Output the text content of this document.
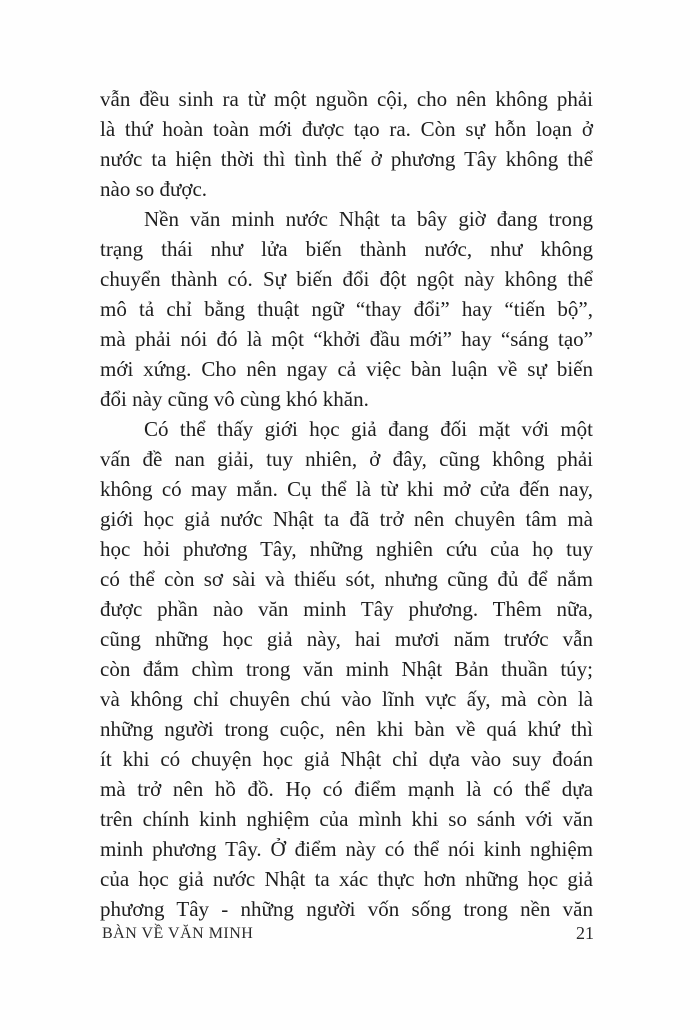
vẫn đều sinh ra từ một nguồn cội, cho nên không phải
là thứ hoàn toàn mới được tạo ra. Còn sự hỗn loạn ở
nước ta hiện thời thì tình thế ở phương Tây không thể
nào so được.
Nền văn minh nước Nhật ta bây giờ đang trong
trạng thái như lửa biến thành nước, như không
chuyển thành có. Sự biến đổi đột ngột này không thể
mô tả chỉ bằng thuật ngữ “thay đổi” hay “tiến bộ”,
mà phải nói đó là một “khởi đầu mới” hay “sáng tạo”
mới xứng. Cho nên ngay cả việc bàn luận về sự biến
đổi này cũng vô cùng khó khăn.
Có thể thấy giới học giả đang đối mặt với một
vấn đề nan giải, tuy nhiên, ở đây, cũng không phải
không có may mắn. Cụ thể là từ khi mở cửa đến nay,
giới học giả nước Nhật ta đã trở nên chuyên tâm mà
học hỏi phương Tây, những nghiên cứu của họ tuy
có thể còn sơ sài và thiếu sót, nhưng cũng đủ để nắm
được phần nào văn minh Tây phương. Thêm nữa,
cũng những học giả này, hai mươi năm trước vẫn
còn đắm chìm trong văn minh Nhật Bản thuần túy;
và không chỉ chuyên chú vào lĩnh vực ấy, mà còn là
những người trong cuộc, nên khi bàn về quá khứ thì
ít khi có chuyện học giả Nhật chỉ dựa vào suy đoán
mà trở nên hồ đồ. Họ có điểm mạnh là có thể dựa
trên chính kinh nghiệm của mình khi so sánh với văn
minh phương Tây. Ở điểm này có thể nói kinh nghiệm
của học giả nước Nhật ta xác thực hơn những học giả
phương Tây - những người vốn sống trong nền văn
BÀN VỀ VĂN MINH	21
